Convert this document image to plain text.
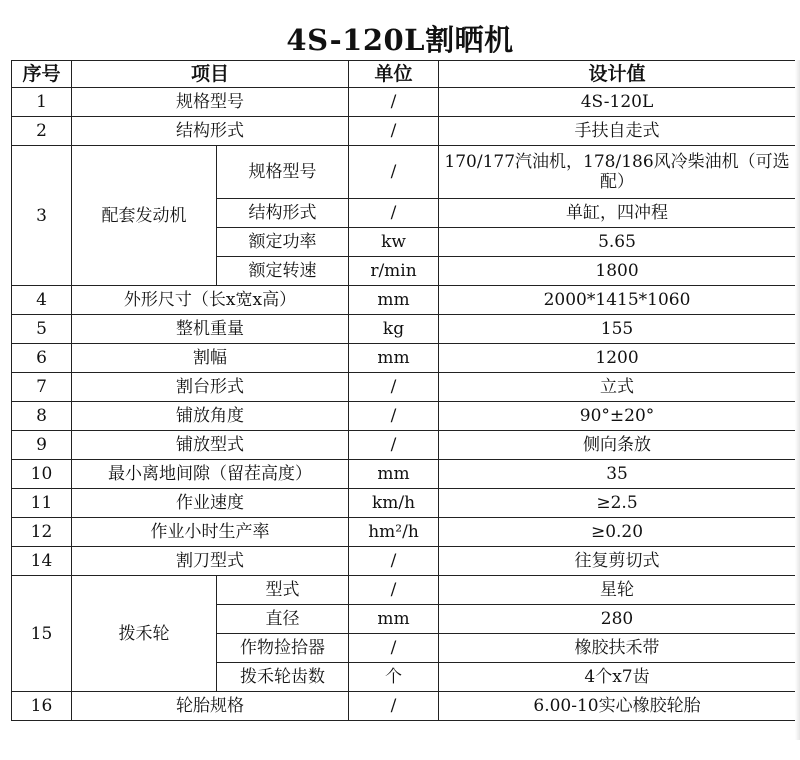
4S-120L割晒机
序号	项目		单位	设计值
1	规格型号		/	4S-120L
2	结构形式		/	手扶自走式
3	配套发动机	规格型号	/	170/177汽油机，178/186风冷柴油机（可选配）
		结构形式	/	单缸，四冲程
		额定功率	kw	5.65
		额定转速	r/min	1800
4	外形尺寸（长x宽x高）		mm	2000*1415*1060
5	整机重量		kg	155
6	割幅		mm	1200
7	割台形式		/	立式
8	铺放角度		/	90°±20°
9	铺放型式		/	侧向条放
10	最小离地间隙（留茬高度）		mm	35
11	作业速度		km/h	≥2.5
12	作业小时生产率		hm²/h	≥0.20
14	割刀型式		/	往复剪切式
15	拨禾轮	型式	/	星轮
		直径	mm	280
		作物捡拾器	/	橡胶扶禾带
		拨禾轮齿数	个	4个x7齿
16	轮胎规格		/	6.00-10实心橡胶轮胎
